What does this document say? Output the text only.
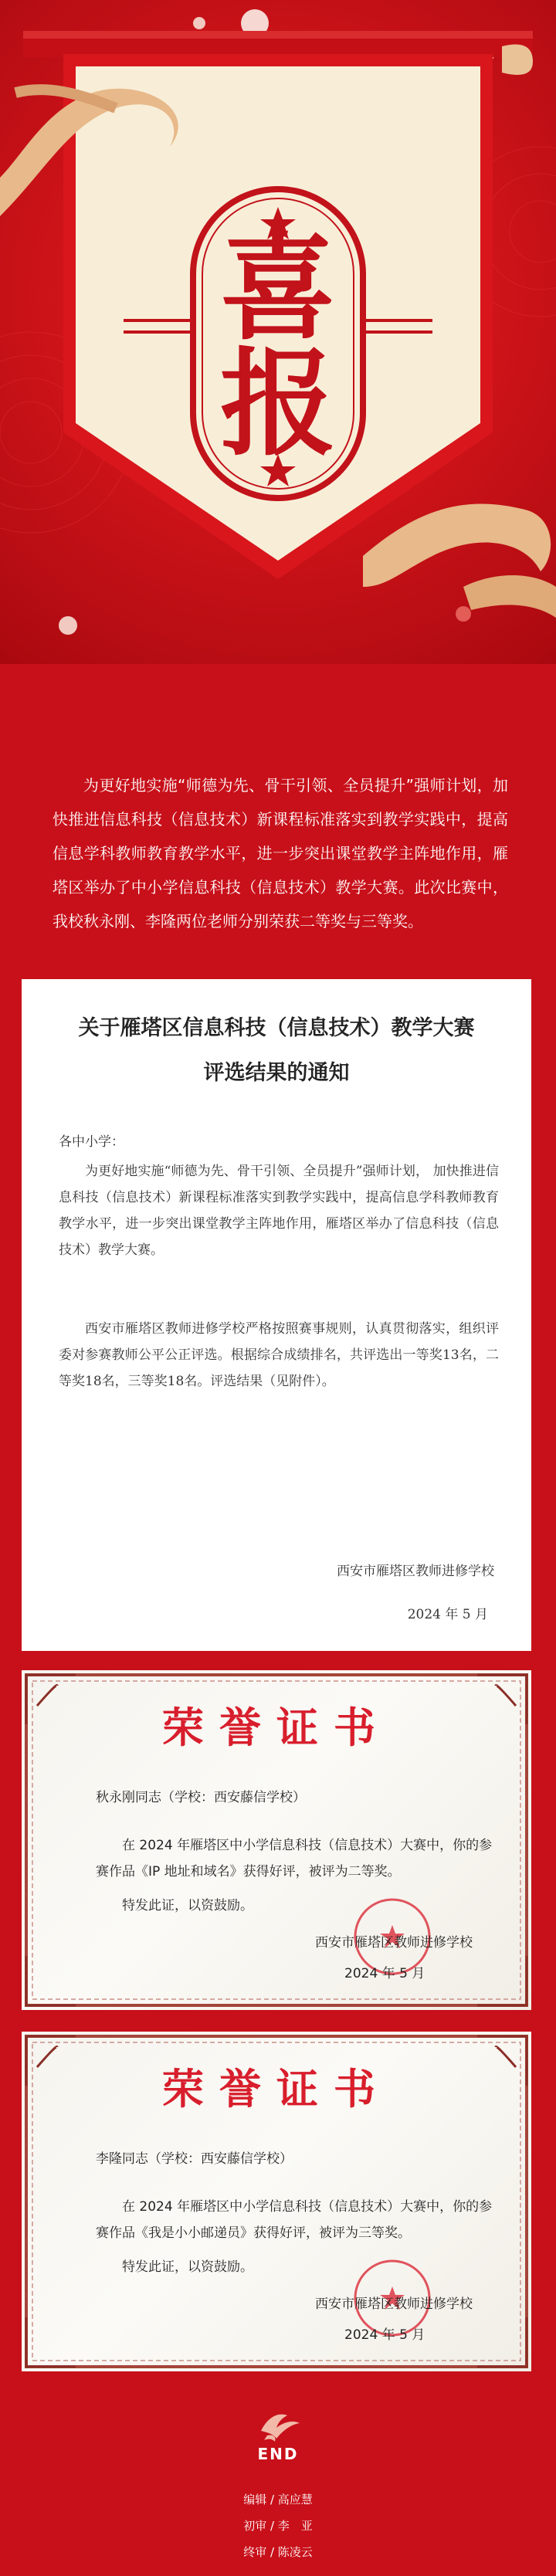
喜
报

为更好地实施“师德为先、骨干引领、全员提升”强师计划，加快推进信息科技（信息技术）新课程标准落实到教学实践中，提高信息学科教师教育教学水平，进一步突出课堂教学主阵地作用，雁塔区举办了中小学信息科技（信息技术）教学大赛。此次比赛中，我校秋永刚、李隆两位老师分别荣获二等奖与三等奖。

关于雁塔区信息科技（信息技术）教学大赛
评选结果的通知
各中小学：

为更好地实施“师德为先、骨干引领、全员提升”强师计划， 加快推进信息科技（信息技术）新课程标准落实到教学实践中，提高信息学科教师教育教学水平，进一步突出课堂教学主阵地作用，雁塔区举办了信息科技（信息技术）教学大赛。

西安市雁塔区教师进修学校严格按照赛事规则，认真贯彻落实，组织评委对参赛教师公平公正评选。根据综合成绩排名，共评选出一等奖13名，二等奖18名，三等奖18名。评选结果（见附件）。

西安市雁塔区教师进修学校
2024 年 5 月
荣誉证书
秋永刚同志（学校：西安藤信学校）

在 2024 年雁塔区中小学信息科技（信息技术）大赛中，你的参赛作品《IP 地址和域名》获得好评，被评为二等奖。

特发此证，以资鼓励。
西安市雁塔区教师进修学校
2024 年 5 月
荣誉证书
李隆同志（学校：西安藤信学校）

在 2024 年雁塔区中小学信息科技（信息技术）大赛中，你的参赛作品《我是小小邮递员》获得好评，被评为三等奖。

特发此证，以资鼓励。
西安市雁塔区教师进修学校
2024 年 5 月
END
编辑 / 高应慧
初审 / 李　亚
终审 / 陈凌云
